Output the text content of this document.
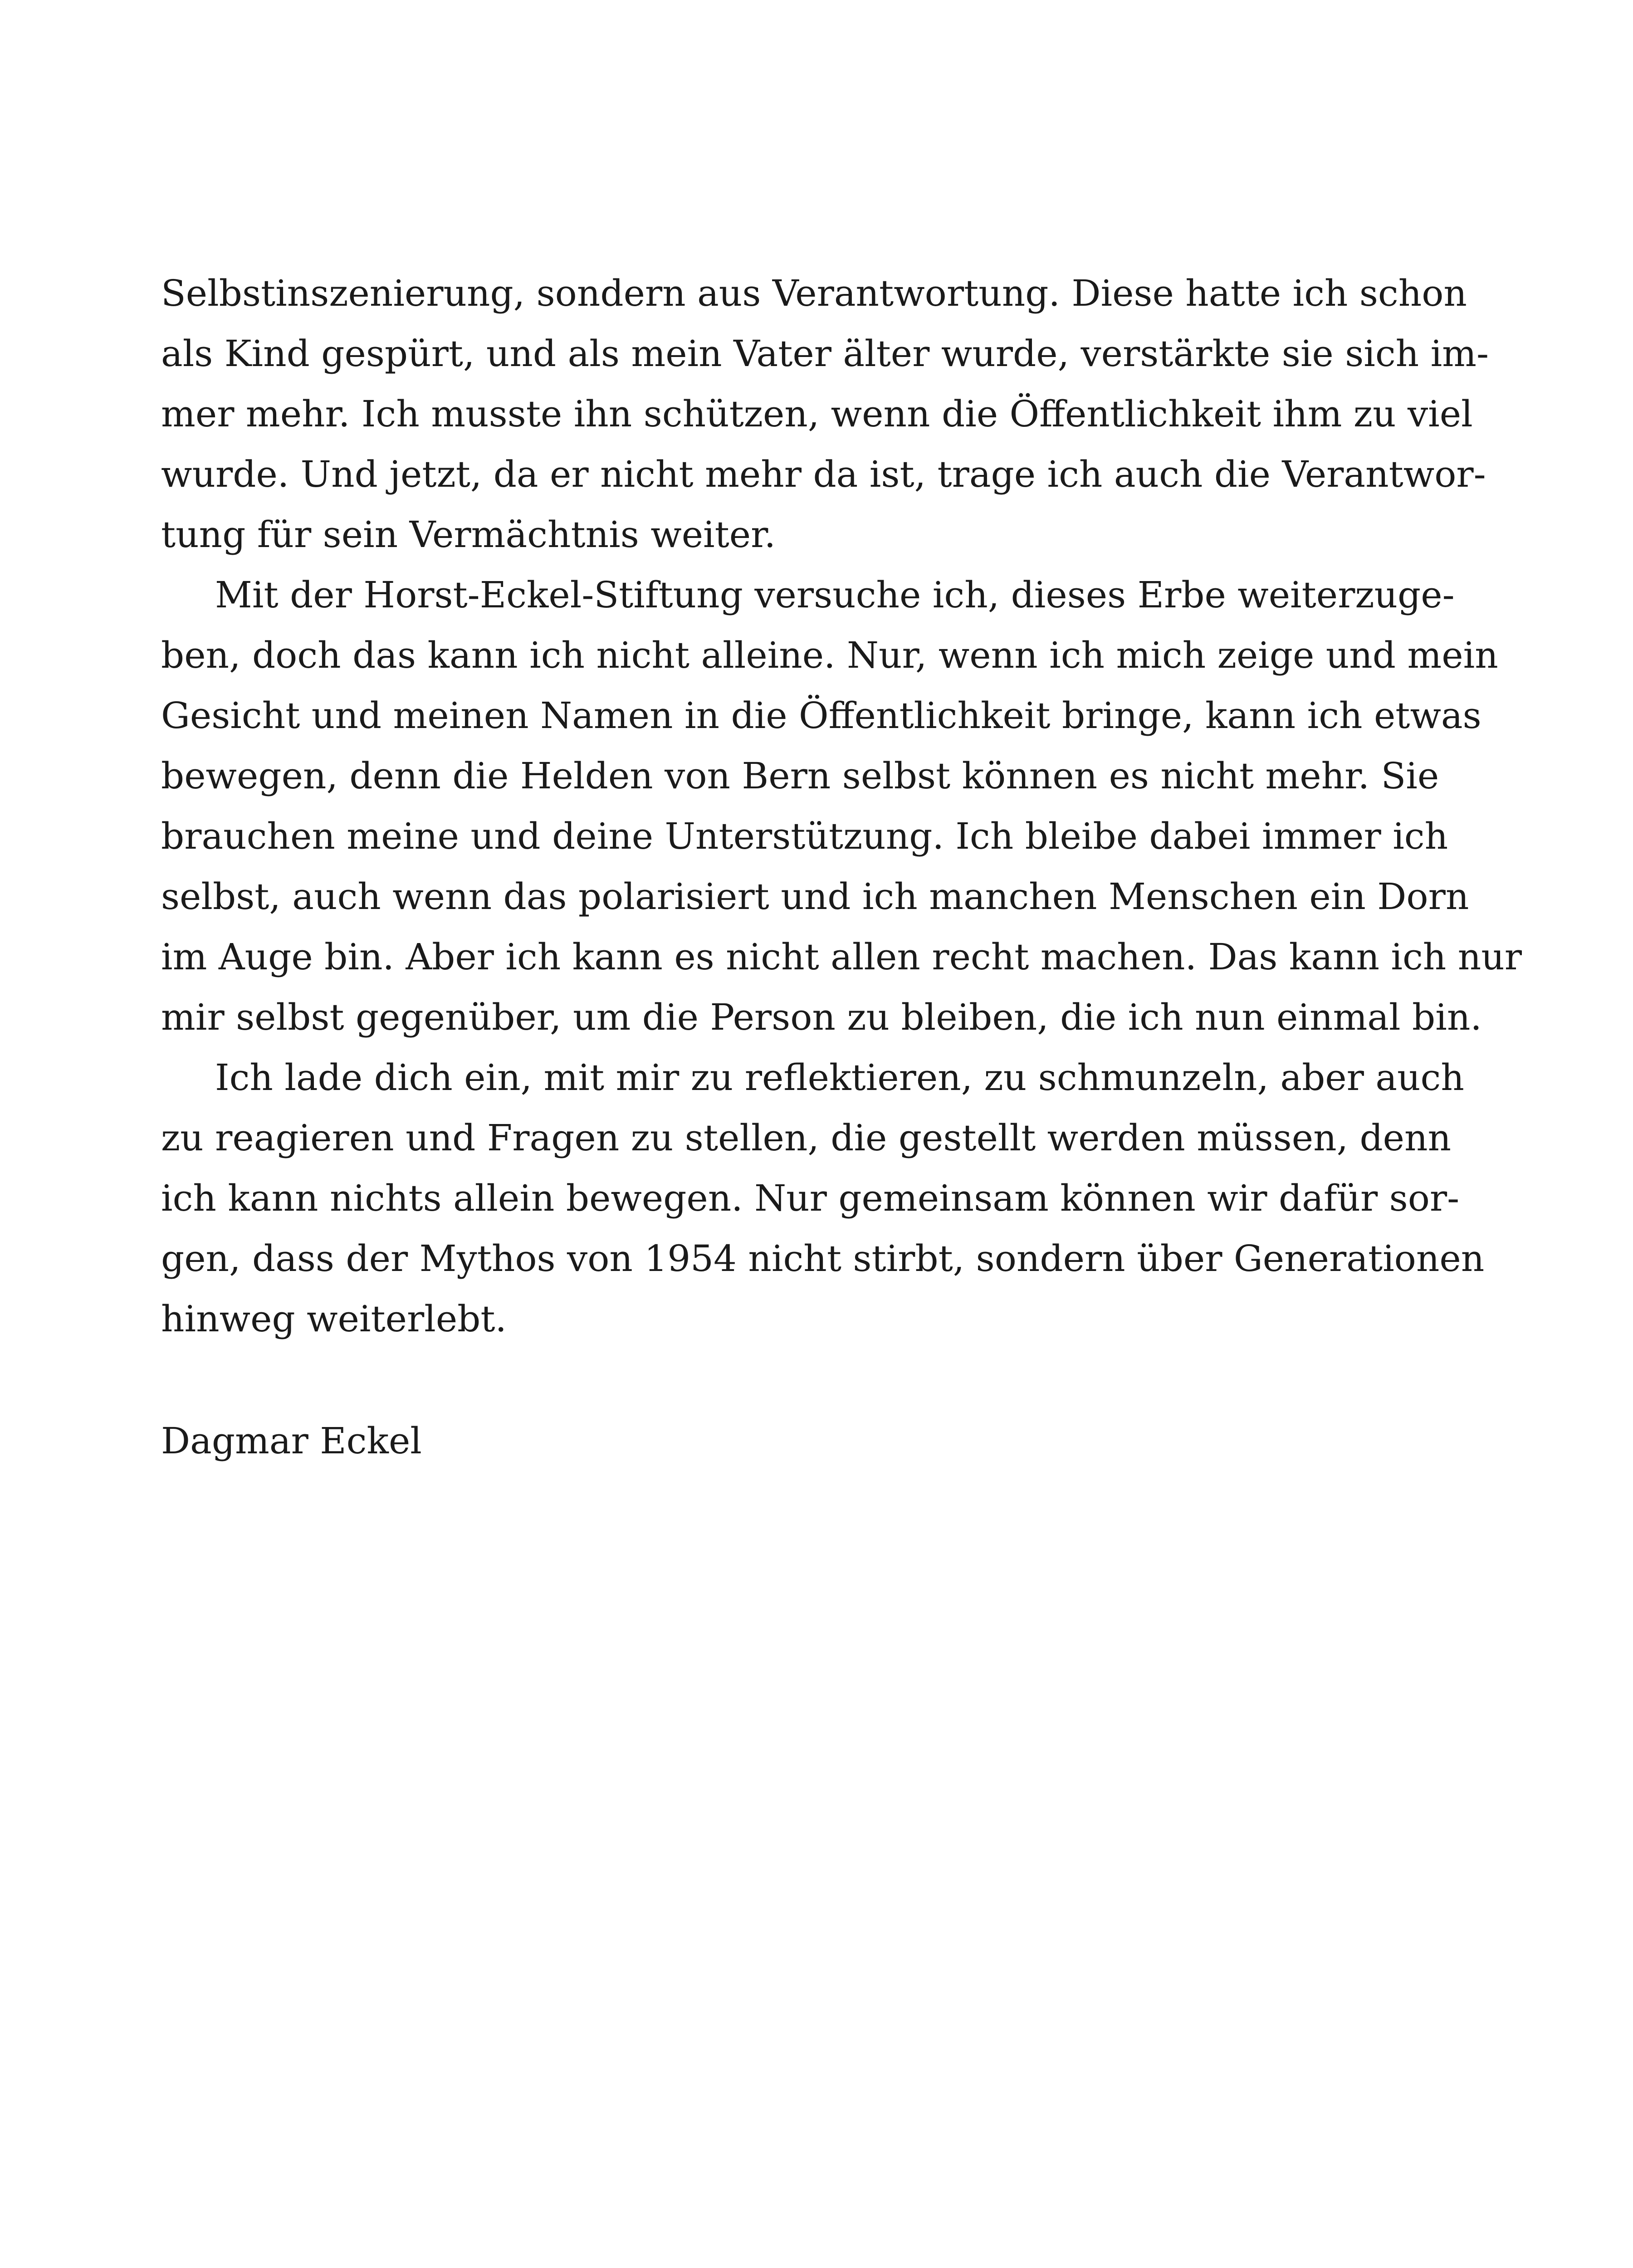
Selbstinszenierung, sondern aus Verantwortung. Diese hatte ich schon
als Kind gespürt, und als mein Vater älter wurde, verstärkte sie sich im-
mer mehr. Ich musste ihn schützen, wenn die Öffentlichkeit ihm zu viel
wurde. Und jetzt, da er nicht mehr da ist, trage ich auch die Verantwor-
tung für sein Vermächtnis weiter.
Mit der Horst-Eckel-Stiftung versuche ich, dieses Erbe weiterzuge-
ben, doch das kann ich nicht alleine. Nur, wenn ich mich zeige und mein
Gesicht und meinen Namen in die Öffentlichkeit bringe, kann ich etwas
bewegen, denn die Helden von Bern selbst können es nicht mehr. Sie
brauchen meine und deine Unterstützung. Ich bleibe dabei immer ich
selbst, auch wenn das polarisiert und ich manchen Menschen ein Dorn
im Auge bin. Aber ich kann es nicht allen recht machen. Das kann ich nur
mir selbst gegenüber, um die Person zu bleiben, die ich nun einmal bin.
Ich lade dich ein, mit mir zu reflektieren, zu schmunzeln, aber auch
zu reagieren und Fragen zu stellen, die gestellt werden müssen, denn
ich kann nichts allein bewegen. Nur gemeinsam können wir dafür sor-
gen, dass der Mythos von 1954 nicht stirbt, sondern über Generationen
hinweg weiterlebt.
Dagmar Eckel
